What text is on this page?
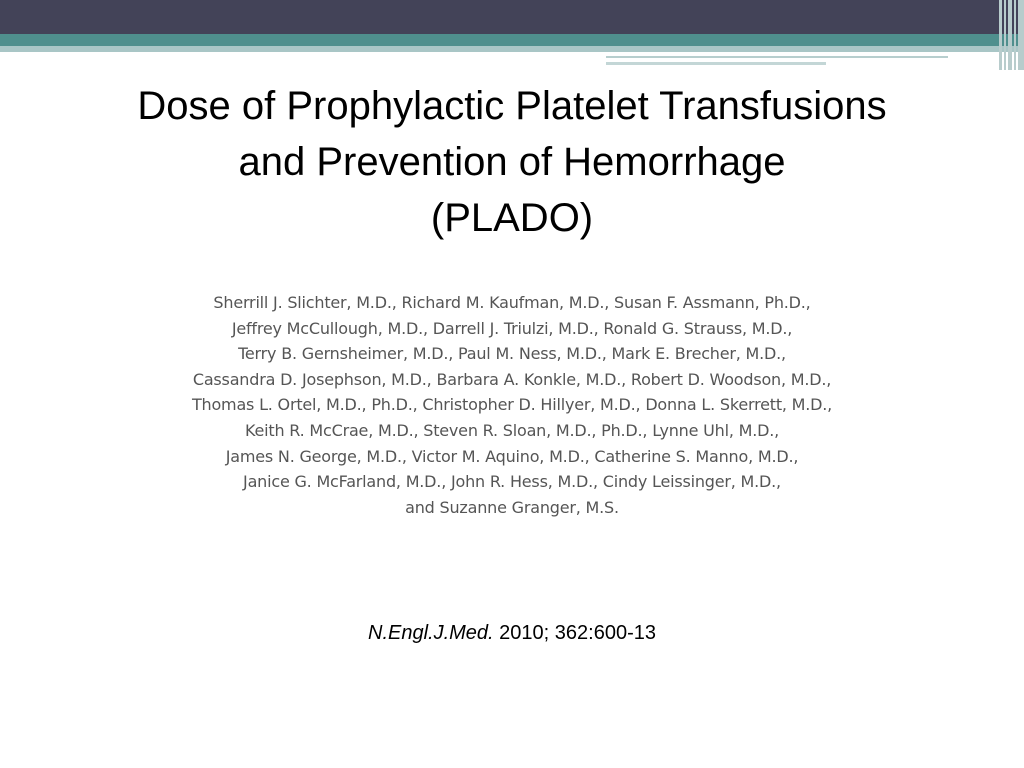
Dose of Prophylactic Platelet Transfusions
and Prevention of Hemorrhage
(PLADO)
Sherrill J. Slichter, M.D., Richard M. Kaufman, M.D., Susan F. Assmann, Ph.D.,
Jeffrey McCullough, M.D., Darrell J. Triulzi, M.D., Ronald G. Strauss, M.D.,
Terry B. Gernsheimer, M.D., Paul M. Ness, M.D., Mark E. Brecher, M.D.,
Cassandra D. Josephson, M.D., Barbara A. Konkle, M.D., Robert D. Woodson, M.D.,
Thomas L. Ortel, M.D., Ph.D., Christopher D. Hillyer, M.D., Donna L. Skerrett, M.D.,
Keith R. McCrae, M.D., Steven R. Sloan, M.D., Ph.D., Lynne Uhl, M.D.,
James N. George, M.D., Victor M. Aquino, M.D., Catherine S. Manno, M.D.,
Janice G. McFarland, M.D., John R. Hess, M.D., Cindy Leissinger, M.D.,
and Suzanne Granger, M.S.
N.Engl.J.Med. 2010; 362:600-13
